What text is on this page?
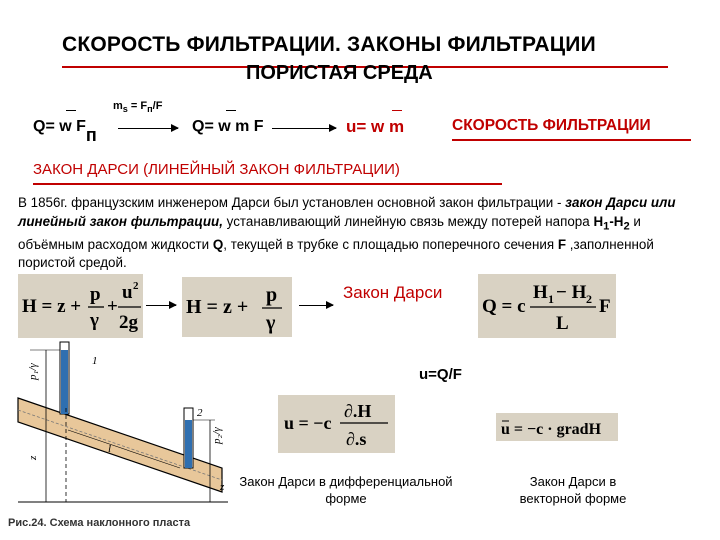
СКОРОСТЬ ФИЛЬТРАЦИИ. ЗАКОНЫ ФИЛЬТРАЦИИ
ПОРИСТАЯ СРЕДА
Q= w $F_п$
$m_s = F_п/F$
Q= w m F	u= w m	СКОРОСТЬ ФИЛЬТРАЦИИ
ЗАКОН ДАРСИ (ЛИНЕЙНЫЙ ЗАКОН ФИЛЬТРАЦИИ)
В 1856г. французским инженером Дарси был установлен основной закон фильтрации - закон Дарси или линейный закон фильтрации, устанавливающий линейную связь между потерей напора $H_1-H_2$ и объёмным расходом жидкости Q, текущей в трубке с площадью поперечного сечения F ,заполненной пористой средой.
H = z +
p
γ
+
u 2
2g
H = z +
p
γ
Закон Дарси
Q = c
H 1 − H 2
L
F
u=Q/F
u = −c
∂.H
∂.s	u = −c · gradH
Закон Дарси в дифференциальной форме
Закон Дарси в векторной форме
p₁/γ
z
p₂/γ
z
1
2
l
Рис.24. Схема наклонного пласта
